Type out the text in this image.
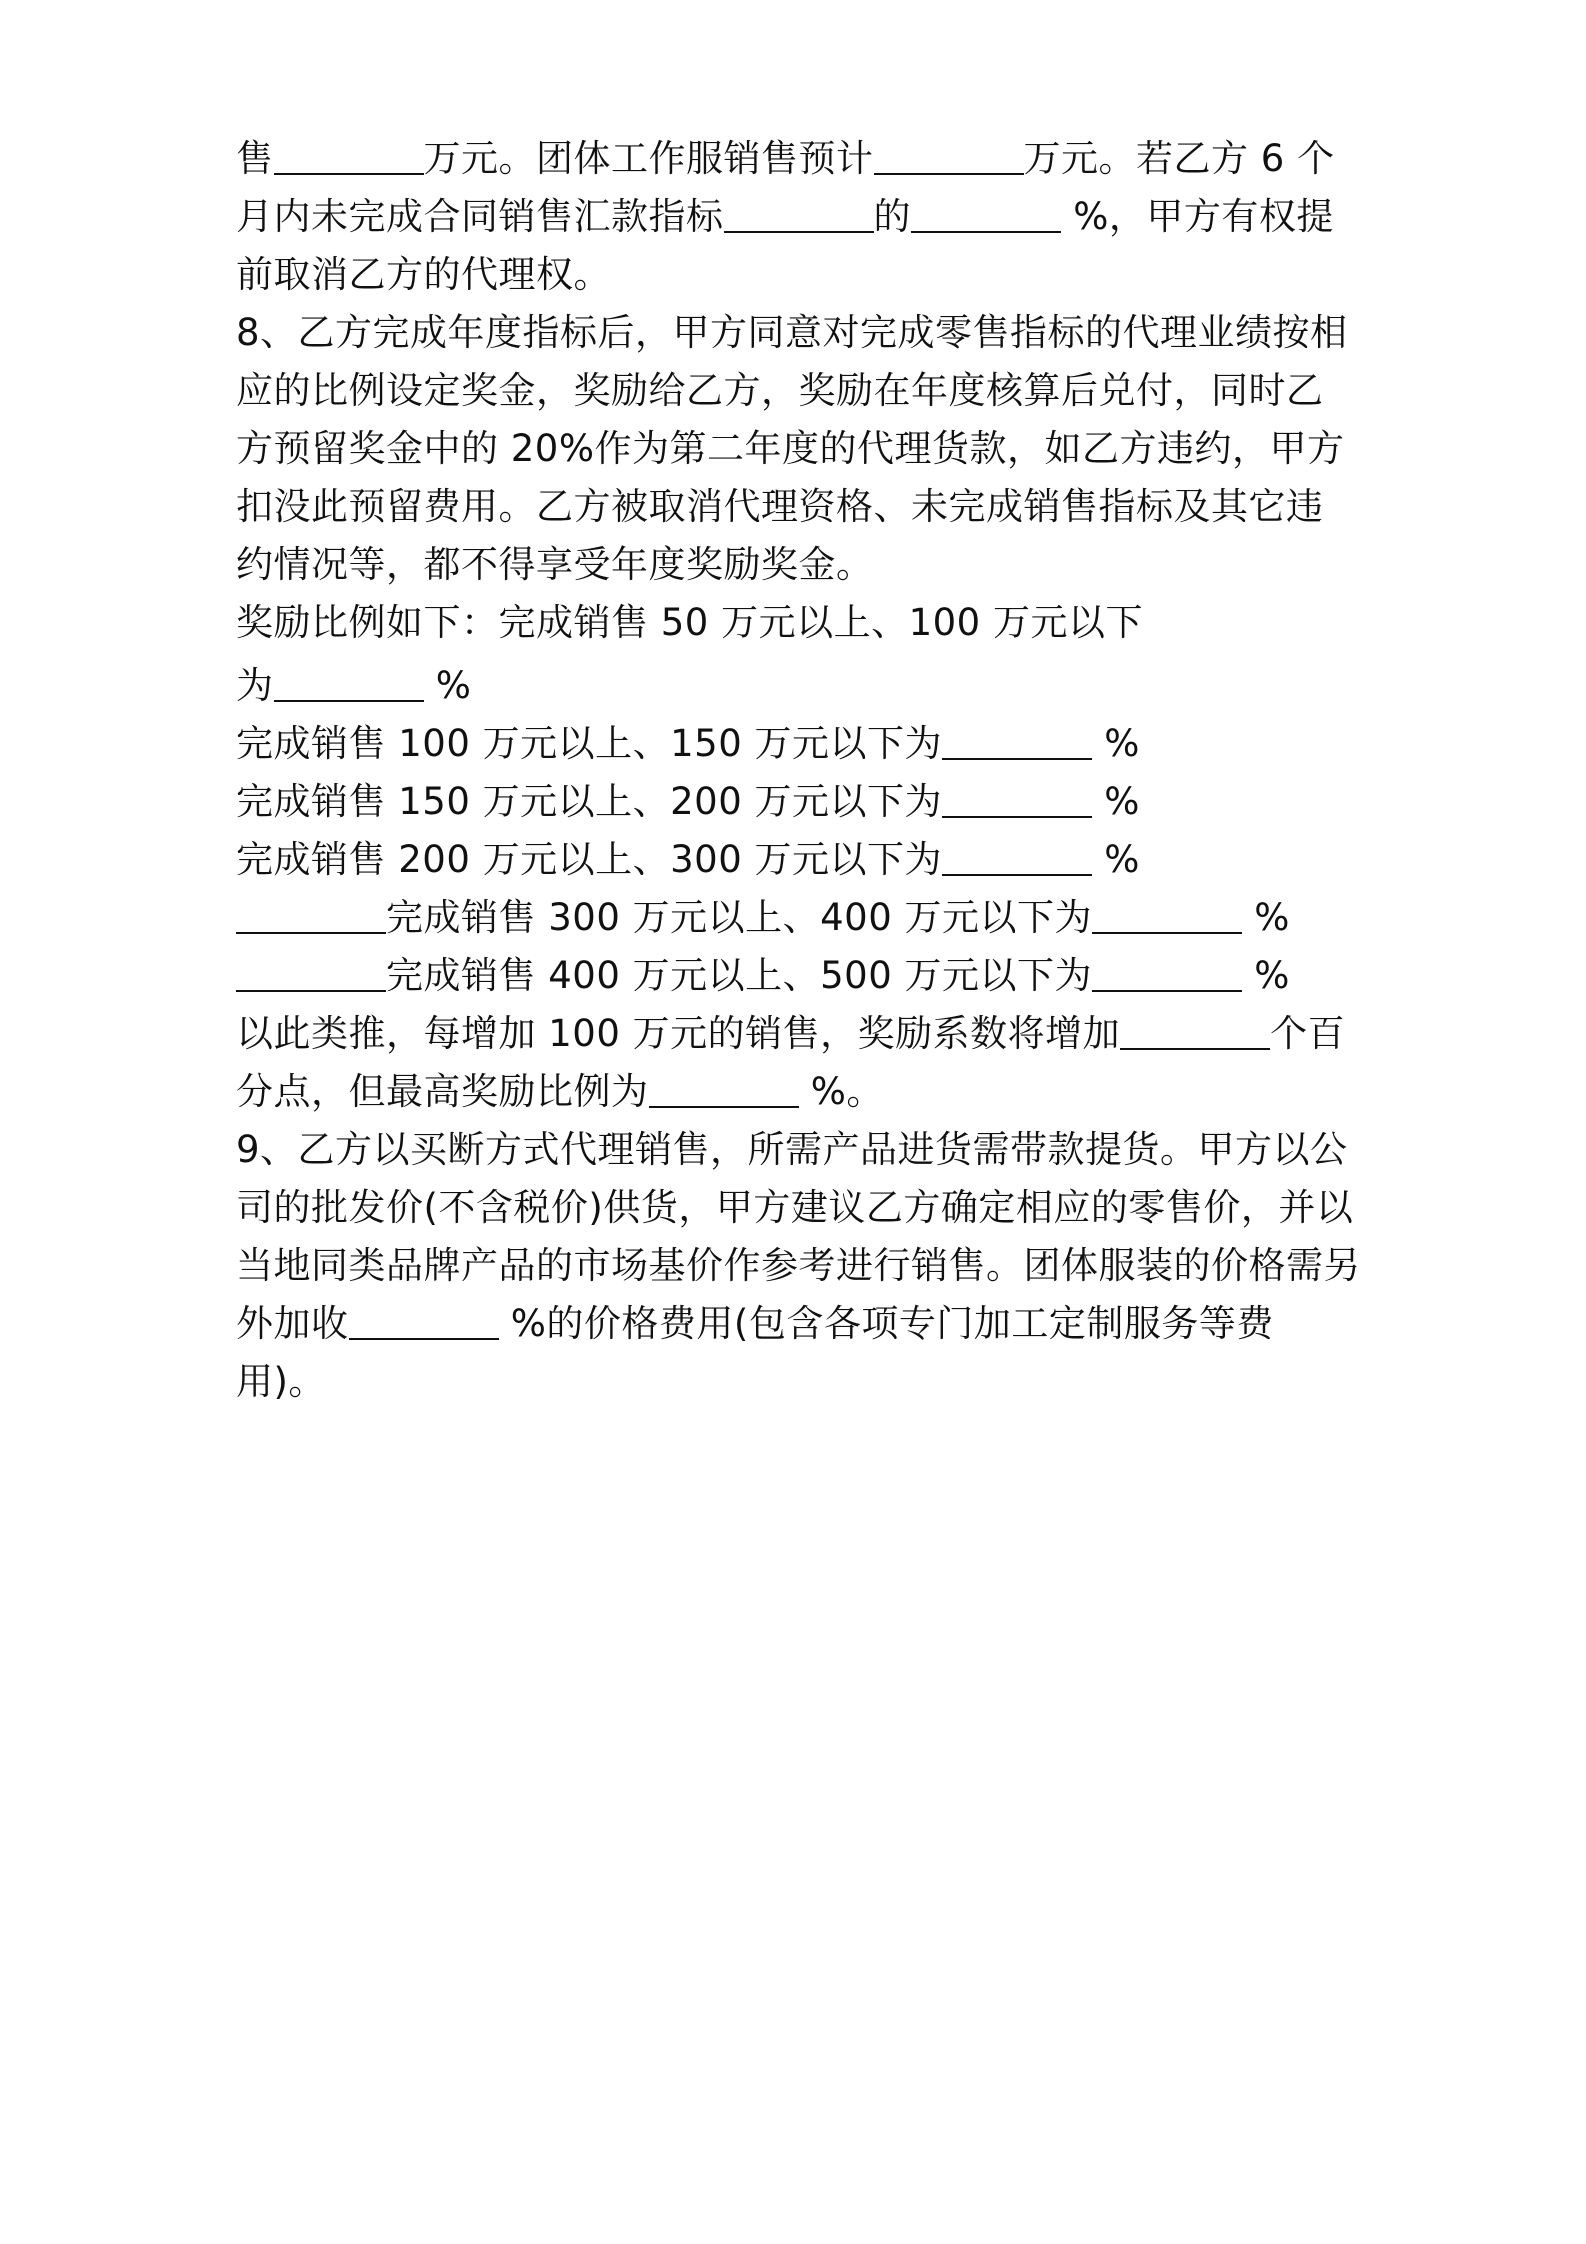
售	万元。团体工作服销售预计	万元。若乙方 6 个
月内未完成合同销售汇款指标	的	%，甲方有权提
前取消乙方的代理权。
8、乙方完成年度指标后，甲方同意对完成零售指标的代理业绩按相
应的比例设定奖金，奖励给乙方，奖励在年度核算后兑付，同时乙
方预留奖金中的 20%作为第二年度的代理货款，如乙方违约，甲方
扣没此预留费用。乙方被取消代理资格、未完成销售指标及其它违
约情况等，都不得享受年度奖励奖金。
奖励比例如下：完成销售 50 万元以上、100 万元以下
为	%
完成销售 100 万元以上、150 万元以下为	%
完成销售 150 万元以上、200 万元以下为	%
完成销售 200 万元以上、300 万元以下为	%
完成销售 300 万元以上、400 万元以下为	%
完成销售 400 万元以上、500 万元以下为	%
以此类推，每增加 100 万元的销售，奖励系数将增加	个百
分点，但最高奖励比例为	%。
9、乙方以买断方式代理销售，所需产品进货需带款提货。甲方以公
司的批发价(不含税价)供货，甲方建议乙方确定相应的零售价，并以
当地同类品牌产品的市场基价作参考进行销售。团体服装的价格需另
外加收	%的价格费用(包含各项专门加工定制服务等费
用)。
